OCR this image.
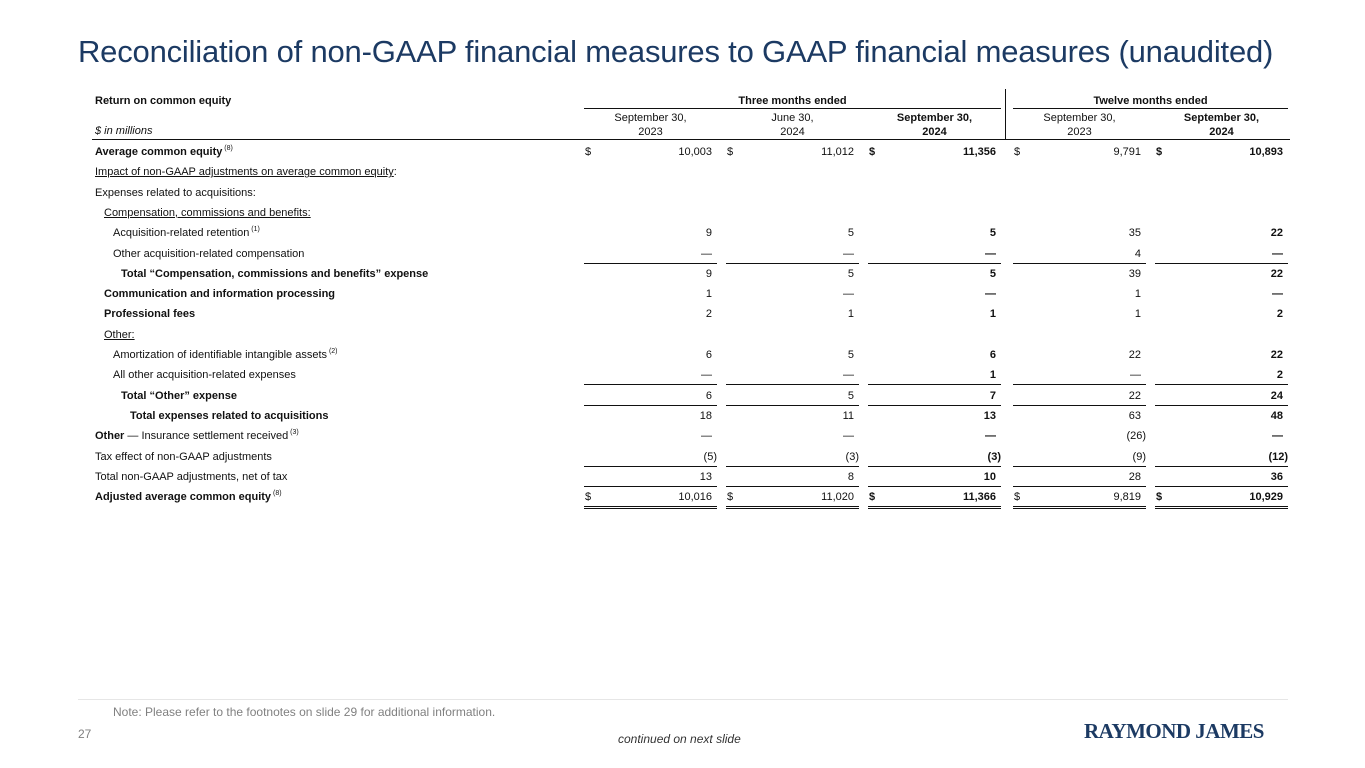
Reconciliation of non-GAAP financial measures to GAAP financial measures (unaudited)
Return on common equity
$ in millions
Three months ended	Twelve months ended
September 30,
2023
June 30,
2024
September 30,
2024
September 30,
2023
September 30,
2024
Average common equity $^{(8)}$	$	10,003 $	11,012 $	11,356 $	9,791 $	10,893
Impact of non-GAAP adjustments on average common equity:
Expenses related to acquisitions:
Compensation, commissions and benefits:
Acquisition-related retention $^{(1)}$	9	5	5	35	22
Other acquisition-related compensation	—	—	—	4	—
Total “Compensation, commissions and benefits” expense	9	5	5	39	22
Communication and information processing	1	—	—	1	—
Professional fees	2	1	1	1	2
Other:
Amortization of identifiable intangible assets $^{(2)}$	6	5	6	22	22
All other acquisition-related expenses	—	—	1	—	2
Total “Other” expense	6	5	7	22	24
Total expenses related to acquisitions	18	11	13	63	48
Other — Insurance settlement received $^{(3)}$	—	—	—	(26)	—
Tax effect of non-GAAP adjustments	(5)	(3)	(3)	(9)	(12)
Total non-GAAP adjustments, net of tax	13	8	10	28	36
Adjusted average common equity $^{(8)}$	$	10,016 $	11,020 $	11,366 $	9,819 $	10,929
Note: Please refer to the footnotes on slide 29 for additional information.
27	continued on next slide	RAYMOND JAMES
